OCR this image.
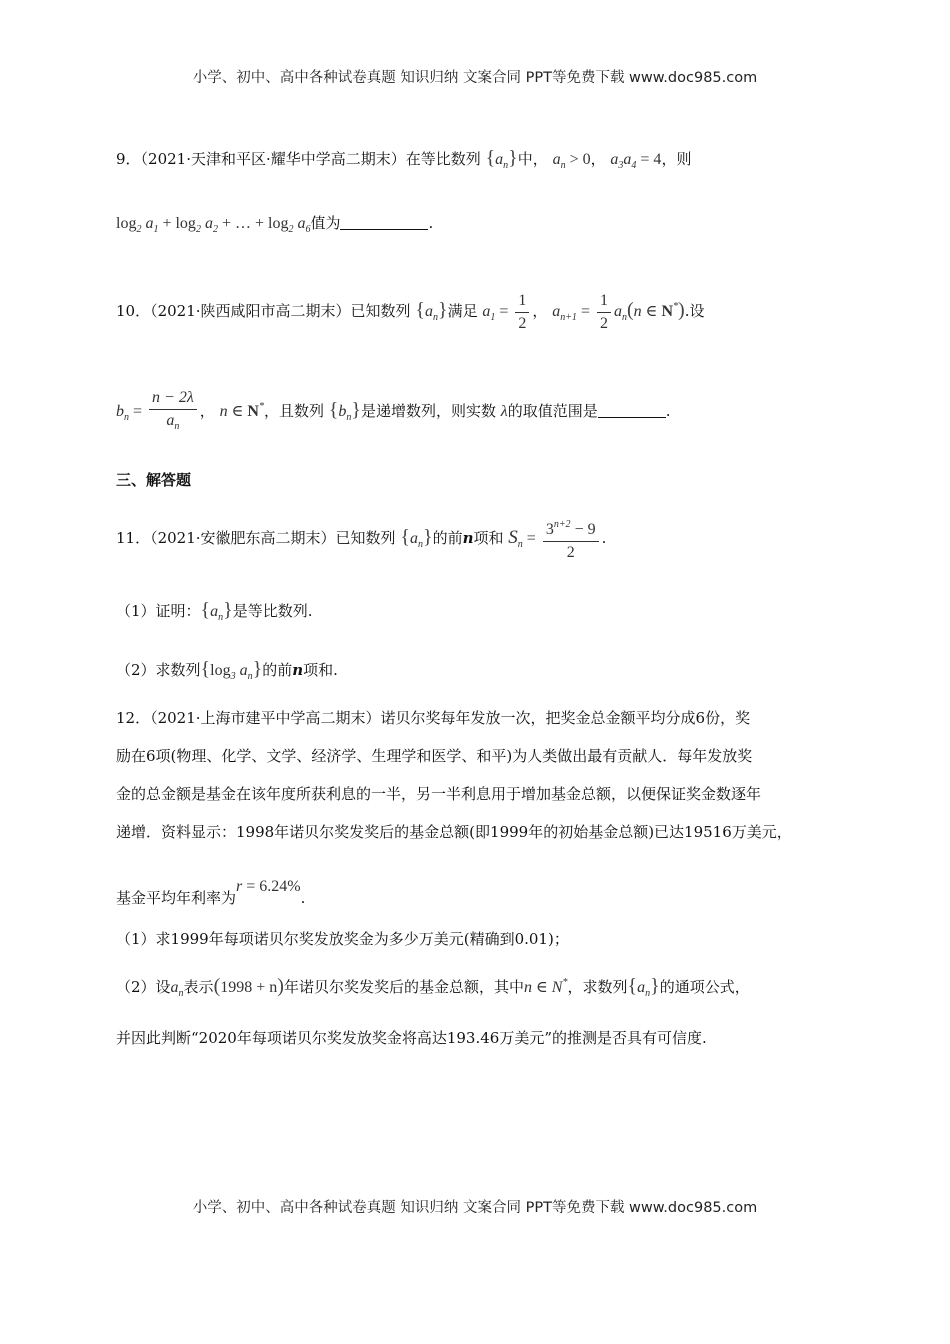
小学、初中、高中各种试卷真题 知识归纳 文案合同 PPT等免费下载 www.doc985.com
9．（2021·天津和平区·耀华中学高二期末）在等比数列 $\{a_n\}$中， $a_n > 0$， $a_3a_4 = 4$，则
$\log_2 a_1 + \log_2 a_2$ + … + $\log_2 a_6$值为	.
10．（2021·陕西咸阳市高二期末）已知数列 $\{a_n\}$满足 $a_1 = \frac{1}{2}$ ， $a_{n+1} = \frac{1}{2} a_n(n$ ∈ N*).设
$b_n = \frac{n - 2\lambda}{a_n}$ ， n ∈ N*，且数列 $\{b_n\}$是递增数列，则实数 λ的取值范围是	.
三、解答题
11．（2021·安徽肥东高二期末）已知数列 $\{a_n\}$的前n项和 $S_n = \frac{3^{n+2} - 9}{2}$ .
（1）证明：$\{a_n\}$是等比数列.
（2）求数列{$\log_3$ $a_n$}的前n项和.
12．（2021·上海市建平中学高二期末）诺贝尔奖每年发放一次，把奖金总金额平均分成6份，奖
励在6项(物理、化学、文学、经济学、生理学和医学、和平)为人类做出最有贡献人．每年发放奖
金的总金额是基金在该年度所获利息的一半，另一半利息用于增加基金总额，以便保证奖金数逐年
递增．资料显示：1998年诺贝尔奖发奖后的基金总额(即1999年的初始基金总额)已达19516万美元，
基金平均年利率为r = 6.24%.
（1）求1999年每项诺贝尔奖发放奖金为多少万美元(精确到0.01)；
（2）设$a_n$表示(1998 + n)年诺贝尔奖发奖后的基金总额，其中n ∈ N*，求数列$\{a_n\}$的通项公式，
并因此判断“2020年每项诺贝尔奖发放奖金将高达193.46万美元”的推测是否具有可信度.
小学、初中、高中各种试卷真题 知识归纳 文案合同 PPT等免费下载 www.doc985.com
